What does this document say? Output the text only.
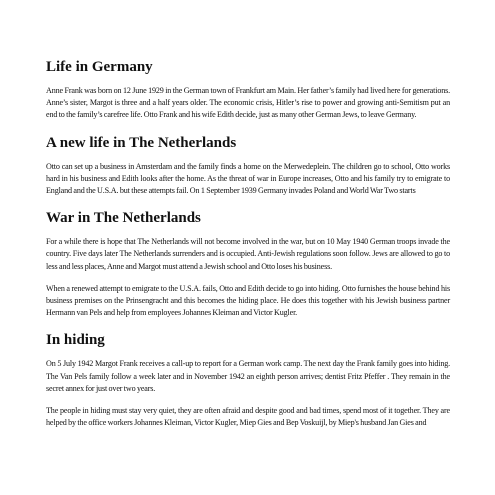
Life in Germany

Anne Frank was born on 12 June 1929 in the German town of Frankfurt am Main. Her father’s family had lived here for generations. Anne’s sister, Margot is three and a half years older. The economic crisis, Hitler’s rise to power and growing anti-Semitism put an end to the family’s carefree life. Otto Frank and his wife Edith decide, just as many other German Jews, to leave Germany.

A new life in The Netherlands

Otto can set up a business in Amsterdam and the family finds a home on the Merwedeplein. The children go to school, Otto works hard in his business and Edith looks after the home. As the threat of war in Europe increases, Otto and his family try to emigrate to England and the U.S.A. but these attempts fail. On 1 September 1939 Germany invades Poland and World War Two starts

War in The Netherlands

For a while there is hope that The Netherlands will not become involved in the war, but on 10 May 1940 German troops invade the country. Five days later The Netherlands surrenders and is occupied. Anti-Jewish regulations soon follow. Jews are allowed to go to less and less places, Anne and Margot must attend a Jewish school and Otto loses his business.

When a renewed attempt to emigrate to the U.S.A. fails, Otto and Edith decide to go into hiding. Otto furnishes the house behind his business premises on the Prinsengracht and this becomes the hiding place. He does this together with his Jewish business partner Hermann van Pels and help from employees Johannes Kleiman and Victor Kugler.

In hiding

On 5 July 1942 Margot Frank receives a call-up to report for a German work camp. The next day the Frank family goes into hiding. The Van Pels family follow a week later and in November 1942 an eighth person arrives; dentist Fritz Pfeffer . They remain in the secret annex for just over two years.

The people in hiding must stay very quiet, they are often afraid and despite good and bad times, spend most of it together. They are helped by the office workers Johannes Kleiman, Victor Kugler, Miep Gies and Bep Voskuijl, by Miep's husband Jan Gies and
